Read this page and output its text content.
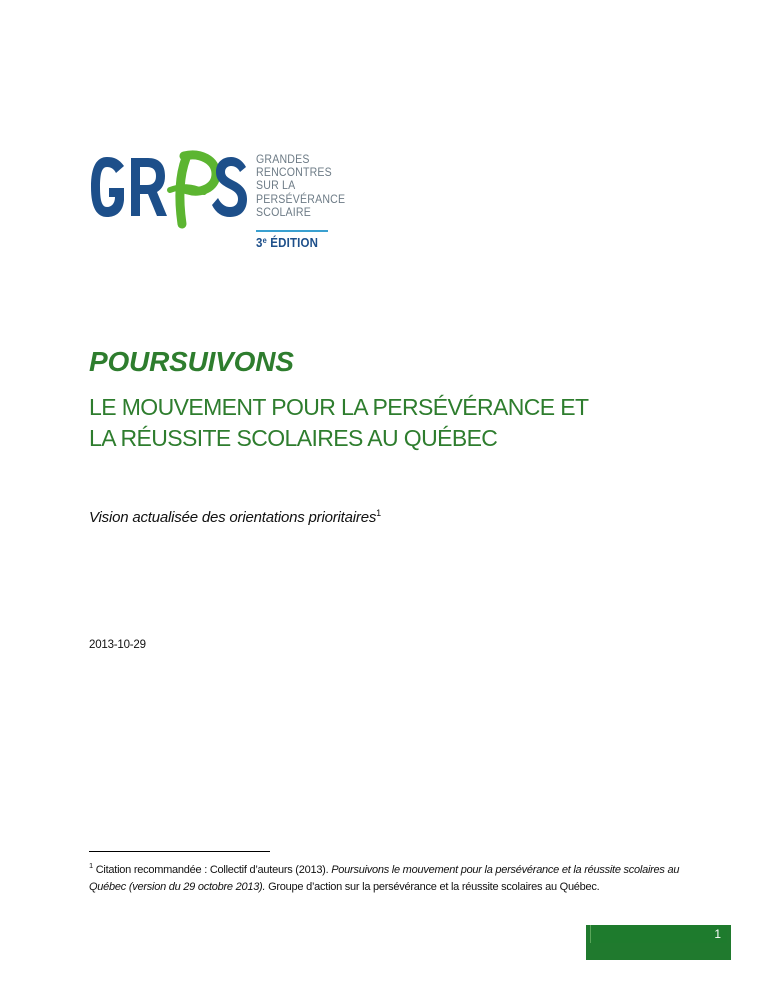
GRANDES
RENCONTRES
SUR LA
PERSÉVÉRANCE
SCOLAIRE
3e ÉDITION
POURSUIVONS
LE MOUVEMENT POUR LA PERSÉVÉRANCE ET
LA RÉUSSITE SCOLAIRES AU QUÉBEC
Vision actualisée des orientations prioritaires$^1$
2013-10-29
$^1$ Citation recommandée : Collectif d’auteurs (2013). Poursuivons le mouvement pour la persévérance et la réussite scolaires au Québec (version du 29 octobre 2013). Groupe d’action sur la persévérance et la réussite scolaires au Québec.
1
